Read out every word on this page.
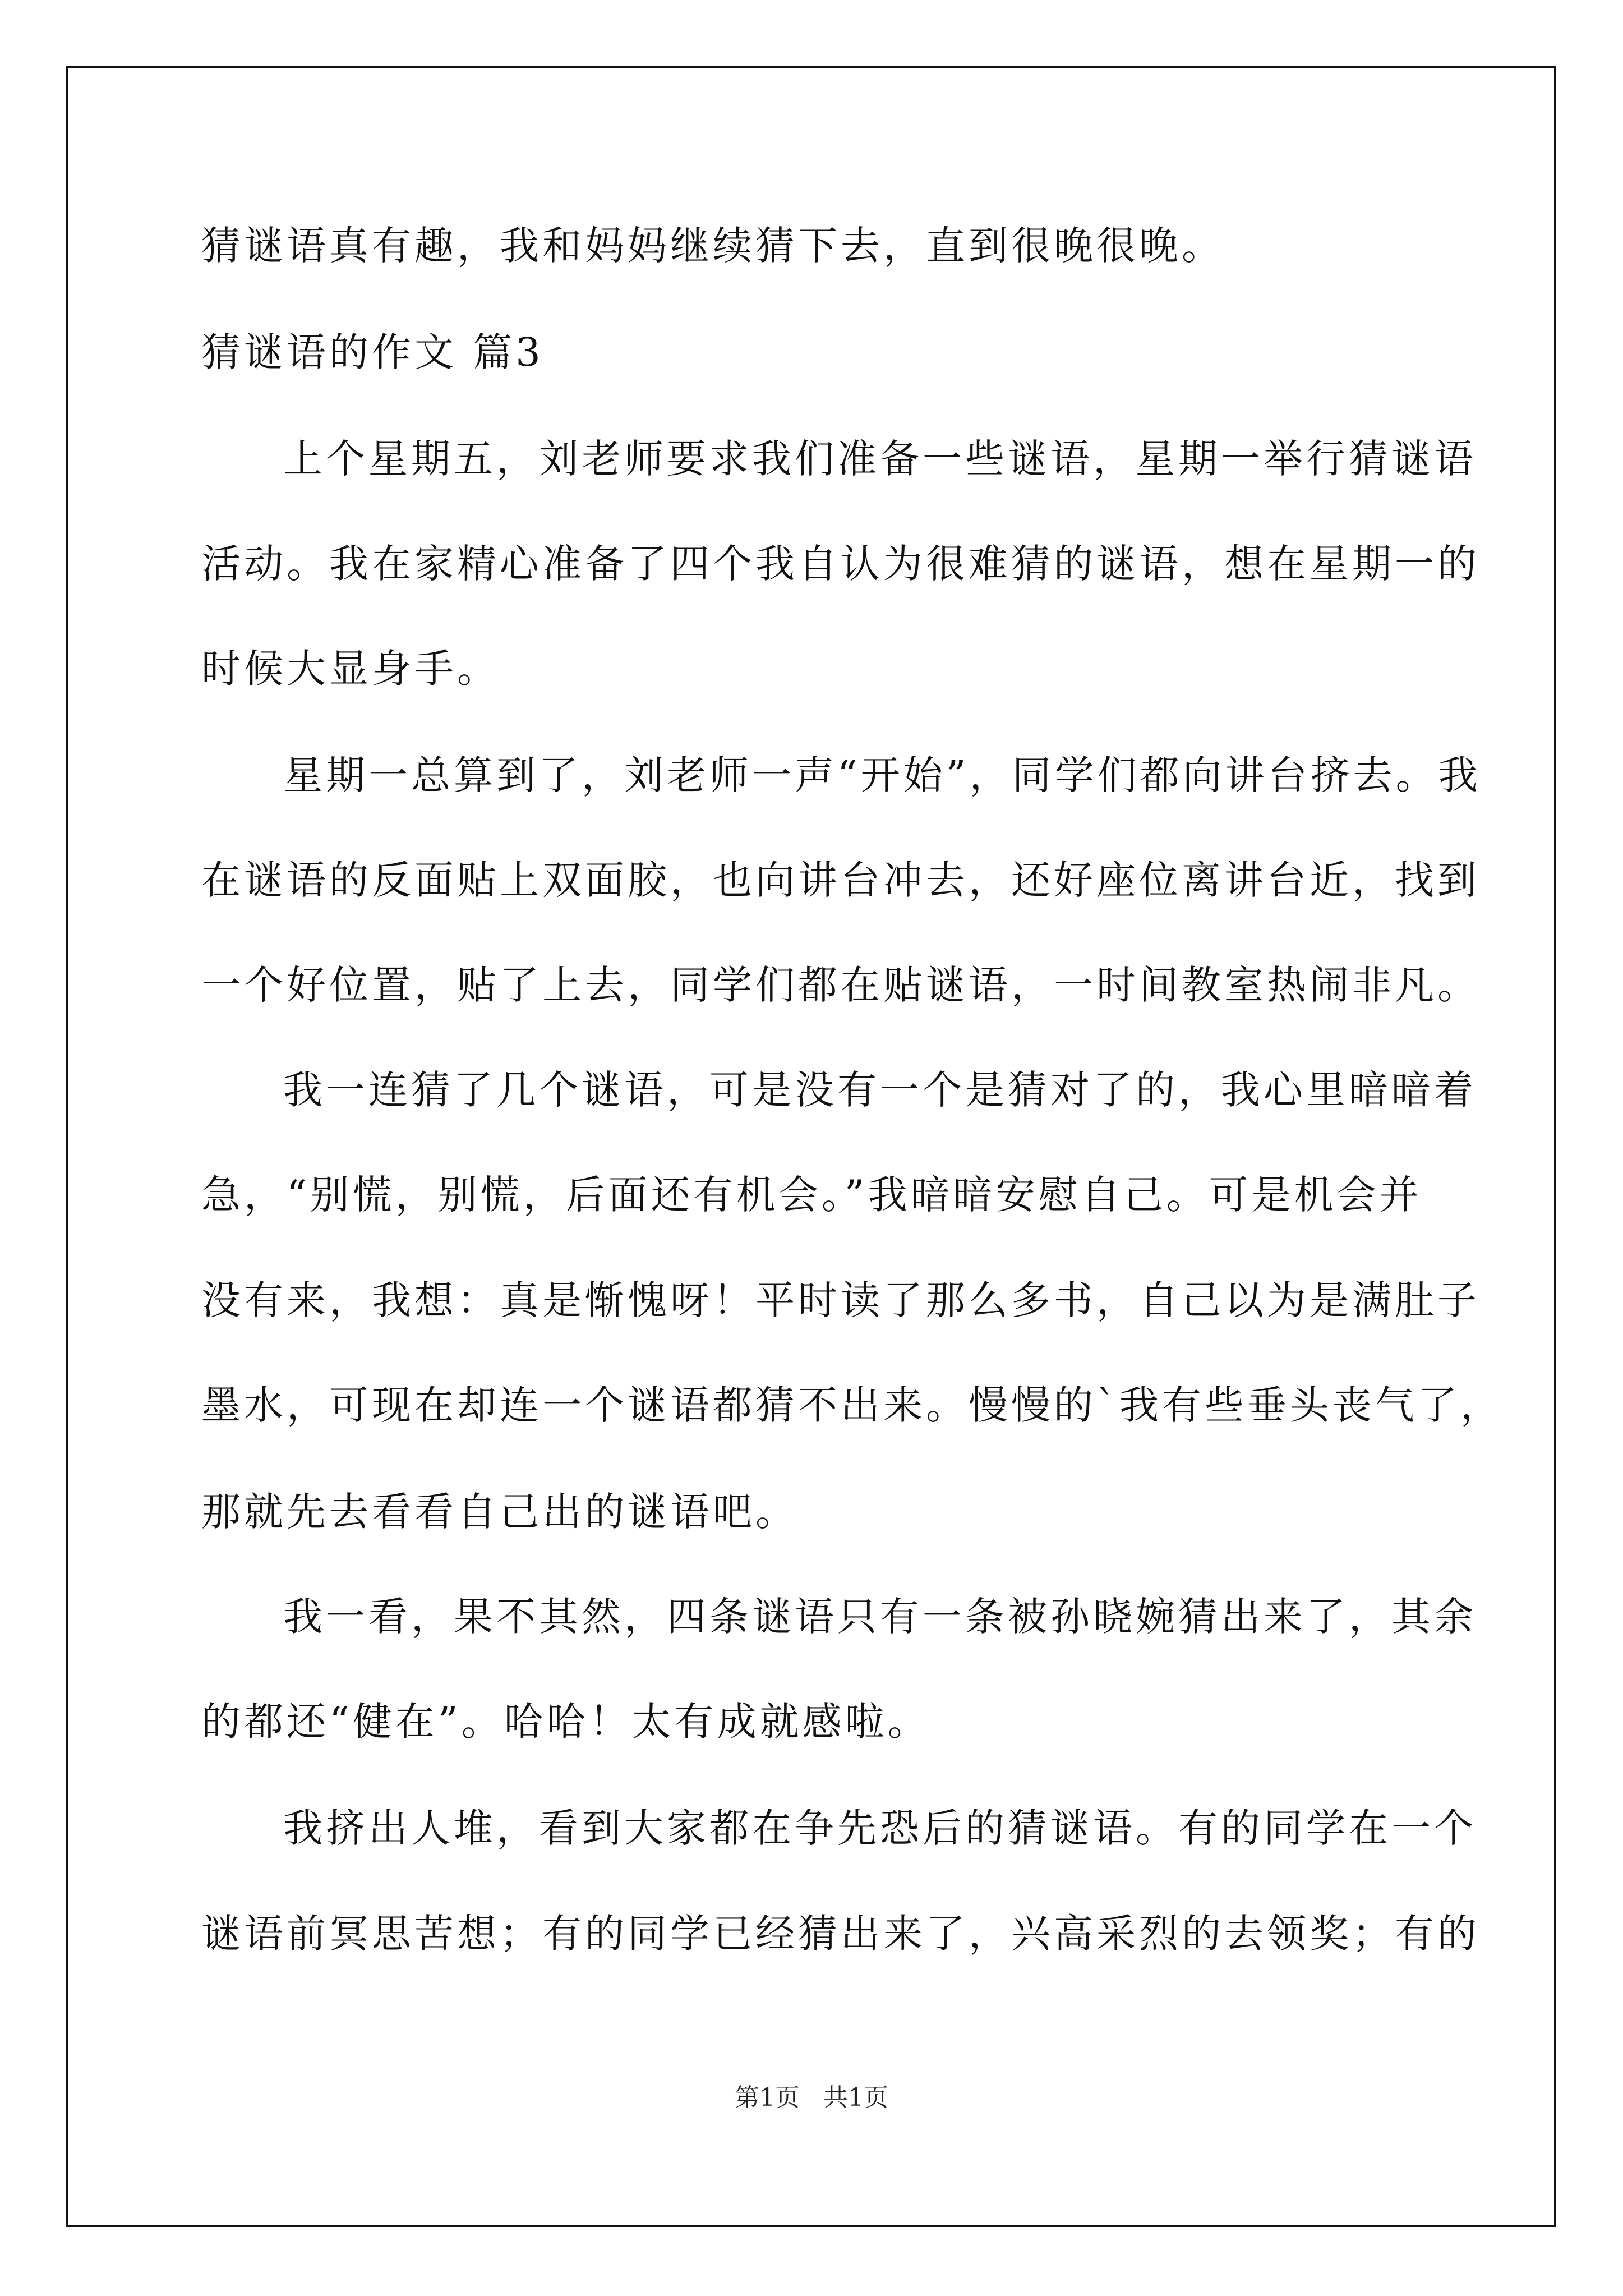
猜谜语真有趣，我和妈妈继续猜下去，直到很晚很晚。

猜谜语的作文 篇3

上个星期五，刘老师要求我们准备一些谜语，星期一举行猜谜语

活动。我在家精心准备了四个我自认为很难猜的谜语，想在星期一的

时候大显身手。

星期一总算到了，刘老师一声“开始”，同学们都向讲台挤去。我

在谜语的反面贴上双面胶，也向讲台冲去，还好座位离讲台近，找到

一个好位置，贴了上去，同学们都在贴谜语，一时间教室热闹非凡。

我一连猜了几个谜语，可是没有一个是猜对了的，我心里暗暗着

急，“别慌，别慌，后面还有机会。”我暗暗安慰自己。可是机会并

没有来，我想：真是惭愧呀！平时读了那么多书，自己以为是满肚子

墨水，可现在却连一个谜语都猜不出来。慢慢的`我有些垂头丧气了，

那就先去看看自己出的谜语吧。

我一看，果不其然，四条谜语只有一条被孙晓婉猜出来了，其余

的都还“健在”。哈哈！太有成就感啦。

我挤出人堆，看到大家都在争先恐后的猜谜语。有的同学在一个

谜语前冥思苦想；有的同学已经猜出来了，兴高采烈的去领奖；有的

第1页   共1页
